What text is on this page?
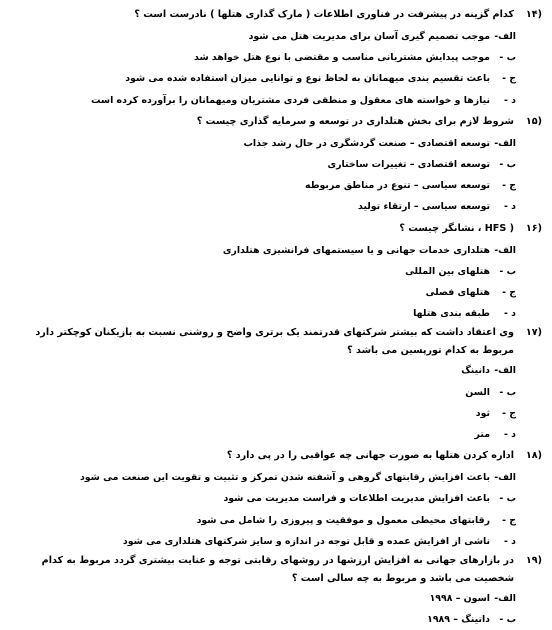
۱۴)
کدام گزینه در پیشرفت در فناوری اطلاعات ( مارک گذاری هتلها ) نادرست است ؟
الف-
موجب تصمیم گیری آسان برای مدیریت هتل می شود
ب -
موجب پیدایش مشتریانی مناسب و مقتضی با نوع هتل خواهد شد
ج -
باعث تقسیم بندی میهمانان به لحاظ نوع و توانایی میزان استفاده شده می شود
د -
نیازها و خواسته های معقول و منطقی فردی مشتریان ومیهمانان را برآورده کرده است
۱۵)
شروط لازم برای بخش هتلداری در توسعه و سرمایه گذاری چیست ؟
الف-
توسعه اقتصادی – صنعت گردشگری در حال رشد جذاب
ب -
توسعه اقتصادی – تغییرات ساختاری
ج -
توسعه سیاسی – تنوع در مناطق مربوطه
د -
توسعه سیاسی – ارتقاء تولید
۱۶)
( HFS ، نشانگر چیست ؟
الف-
هتلداری خدمات جهانی و یا سیستمهای فرانشیزی هتلداری
ب -
هتلهای بین المللی
ج -
هتلهای فصلی
د -
طبقه بندی هتلها
۱۷)
وی اعتقاد داشت که بیشتر شرکتهای قدرتمند یک برتری واضح و روشنی نسبت به بازیکنان کوچکتر دارد مربوط به کدام تورپسین می باشد ؟
الف-
دانینگ
ب -
السن
ج -
ثود
د -
متر
۱۸)
اداره کردن هتلها به صورت جهانی چه عواقبی را در پی دارد ؟
الف-
باعث افزایش رقابتهای گروهی و آشفته شدن تمرکز و تثبیت و تقویت این صنعت می شود
ب -
باعث افزایش مدیریت اطلاعات و فراست مدیریت می شود
ج -
رقابتهای محیطی معمول و موفقیت و پیروزی را شامل می شود
د -
ناشی از افزایش عمده و قابل توجه در اندازه و سایز شرکتهای هتلداری می شود
۱۹)
در بازارهای جهانی به افزایش ارزشها در روشهای رقابتی توجه و عنایت بیشتری گردد مربوط به کدام شخصیت می باشد و مربوط به چه سالی است ؟
الف-
اسون – ۱۹۹۸
ب -
داتینگ – ۱۹۸۹
